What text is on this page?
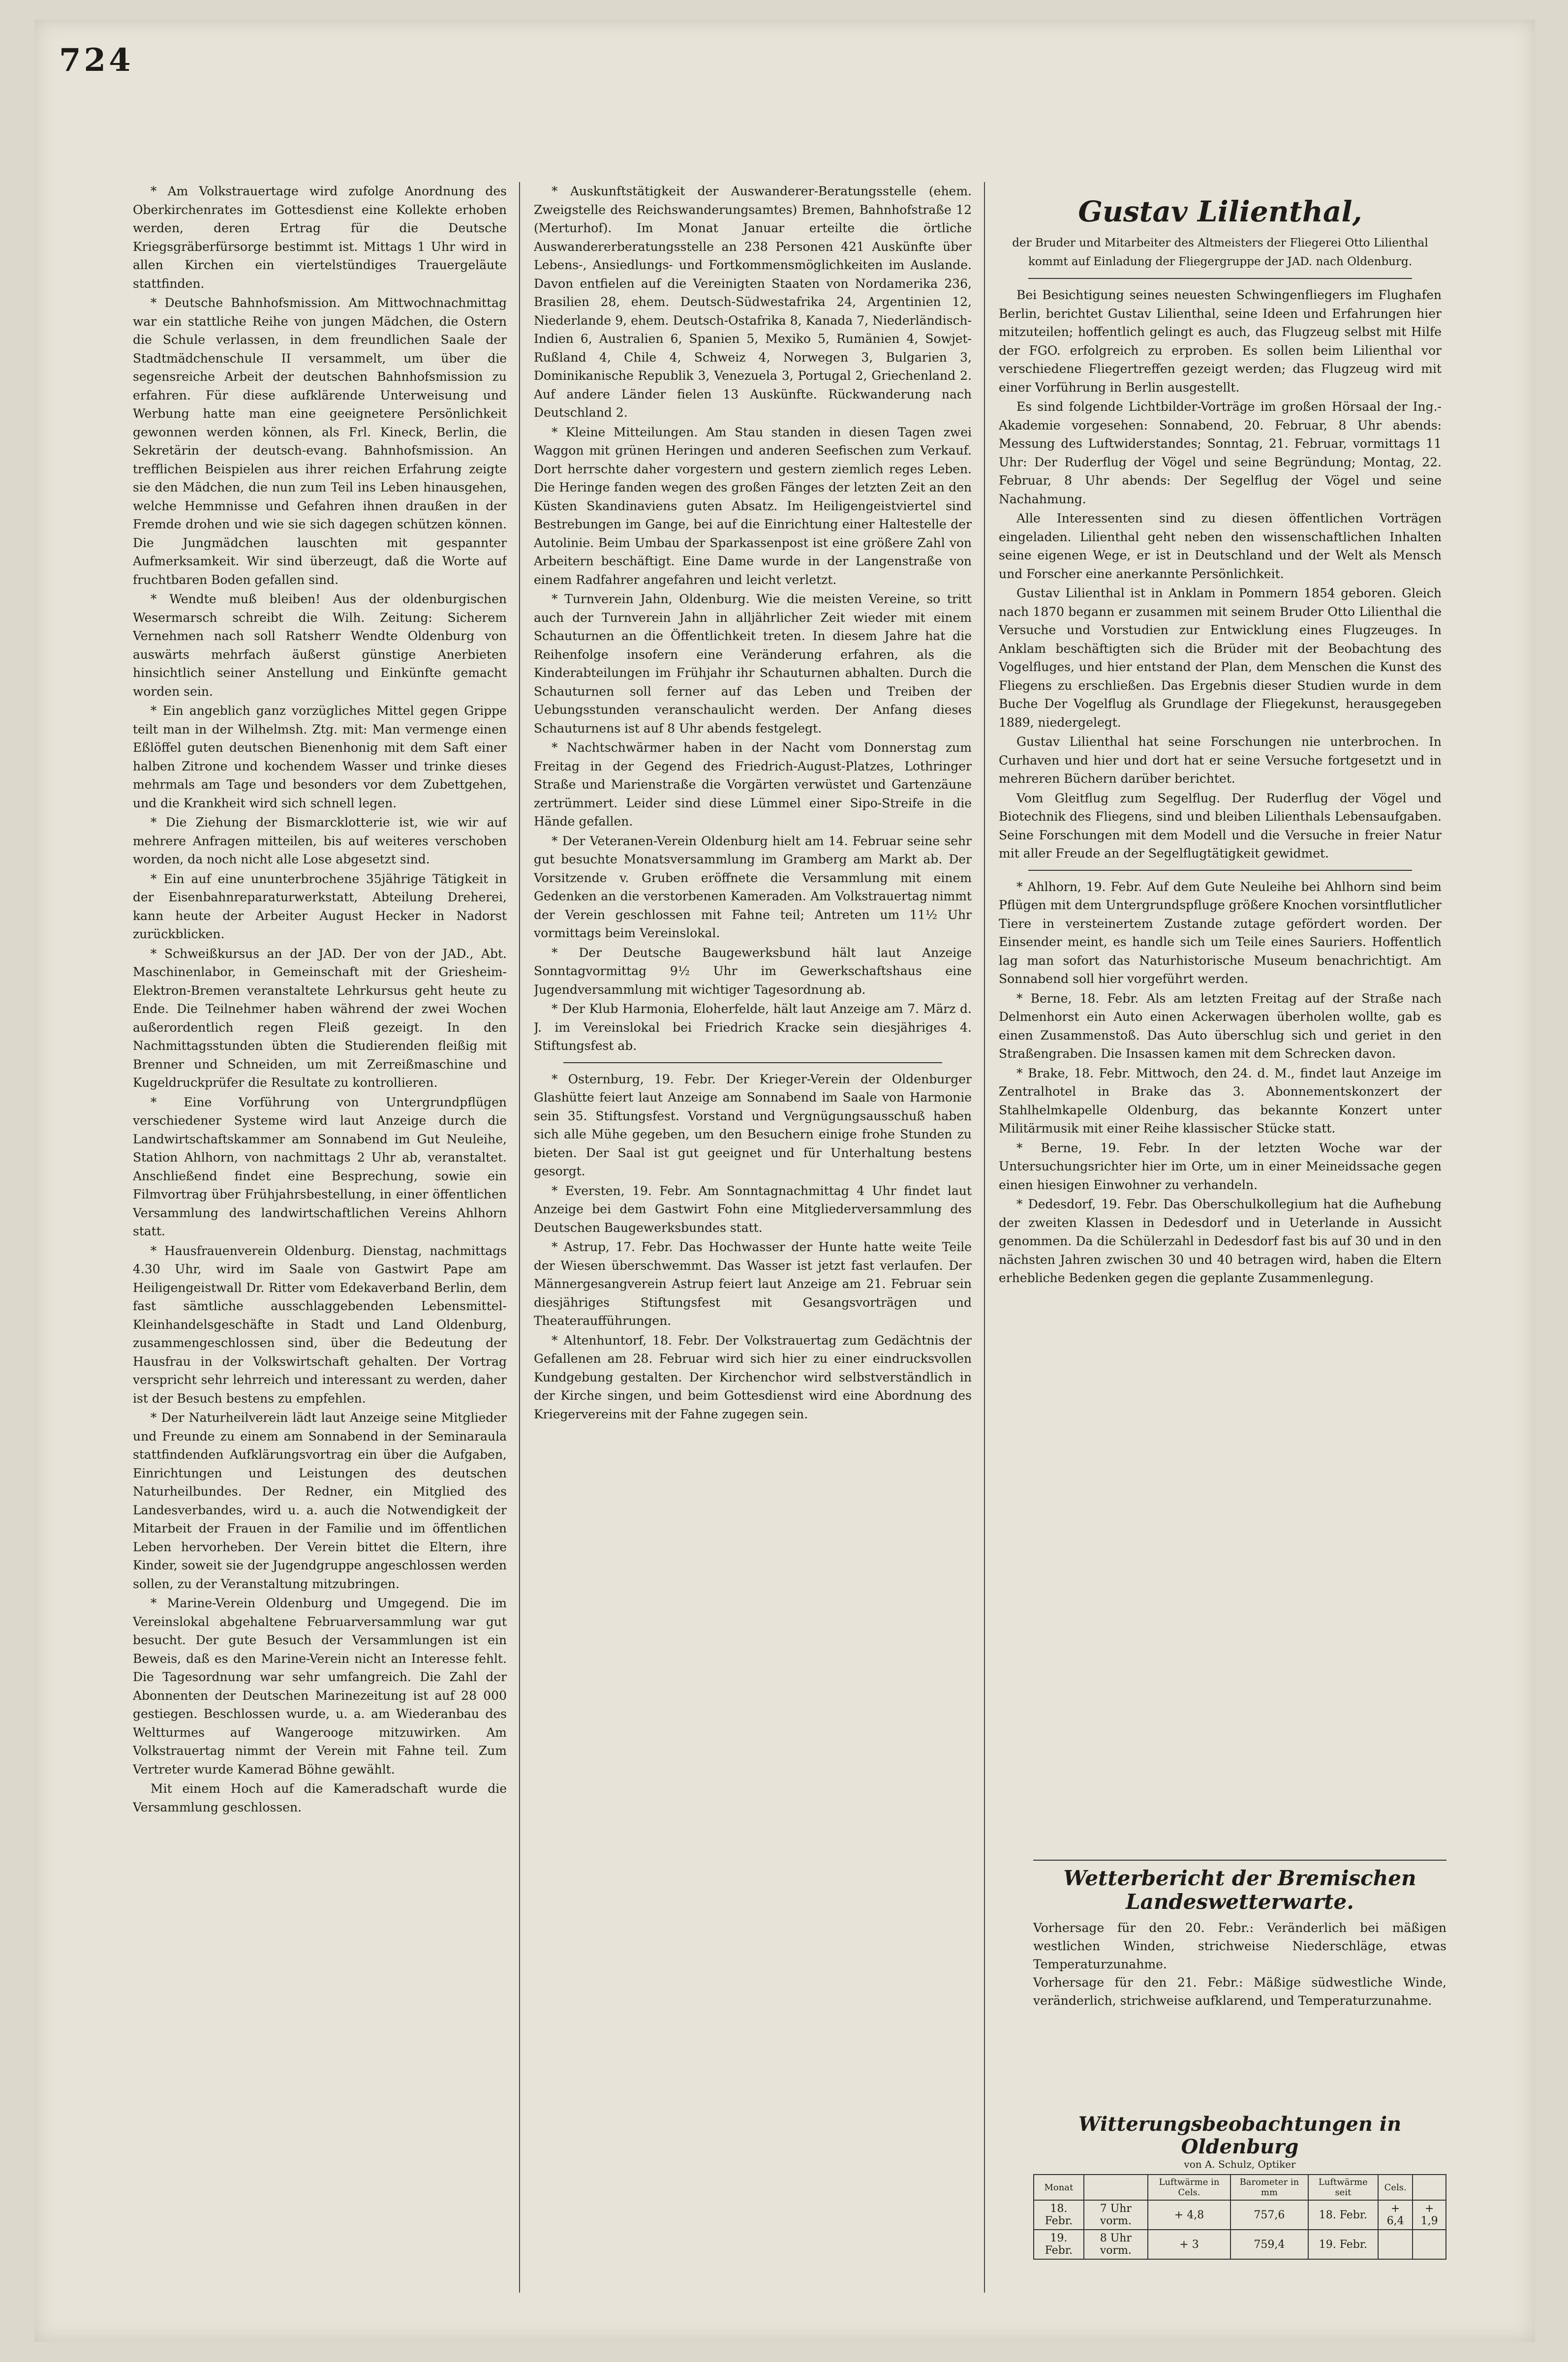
724

* Am Volkstrauertage wird zufolge Anordnung des Oberkirchenrates im Gottesdienst eine Kollekte erhoben werden, deren Ertrag für die Deutsche Kriegsgräberfürsorge bestimmt ist. Mittags 1 Uhr wird in allen Kirchen ein viertelstündiges Trauergeläute stattfinden.

* Deutsche Bahnhofsmission. Am Mittwochnachmittag war ein stattliche Reihe von jungen Mädchen, die Ostern die Schule verlassen, in dem freundlichen Saale der Stadtmädchenschule II versammelt, um über die segensreiche Arbeit der deutschen Bahnhofsmission zu erfahren. Für diese aufklärende Unterweisung und Werbung hatte man eine geeignetere Persönlichkeit gewonnen werden können, als Frl. Kineck, Berlin, die Sekretärin der deutsch-evang. Bahnhofsmission. An trefflichen Beispielen aus ihrer reichen Erfahrung zeigte sie den Mädchen, die nun zum Teil ins Leben hinausgehen, welche Hemmnisse und Gefahren ihnen draußen in der Fremde drohen und wie sie sich dagegen schützen können. Die Jungmädchen lauschten mit gespannter Aufmerksamkeit. Wir sind überzeugt, daß die Worte auf fruchtbaren Boden gefallen sind.

* Wendte muß bleiben! Aus der oldenburgischen Wesermarsch schreibt die Wilh. Zeitung: Sicherem Vernehmen nach soll Ratsherr Wendte Oldenburg von auswärts mehrfach äußerst günstige Anerbieten hinsichtlich seiner Anstellung und Einkünfte gemacht worden sein.

* Ein angeblich ganz vorzügliches Mittel gegen Grippe teilt man in der Wilhelmsh. Ztg. mit: Man vermenge einen Eßlöffel guten deutschen Bienenhonig mit dem Saft einer halben Zitrone und kochendem Wasser und trinke dieses mehrmals am Tage und besonders vor dem Zubettgehen, und die Krankheit wird sich schnell legen.

* Die Ziehung der Bismarcklotterie ist, wie wir auf mehrere Anfragen mitteilen, bis auf weiteres verschoben worden, da noch nicht alle Lose abgesetzt sind.

* Ein auf eine ununterbrochene 35jährige Tätigkeit in der Eisenbahnreparaturwerkstatt, Abteilung Dreherei, kann heute der Arbeiter August Hecker in Nadorst zurückblicken.

* Schweißkursus an der JAD. Der von der JAD., Abt. Maschinenlabor, in Gemeinschaft mit der Griesheim-Elektron-Bremen veranstaltete Lehrkursus geht heute zu Ende. Die Teilnehmer haben während der zwei Wochen außerordentlich regen Fleiß gezeigt. In den Nachmittagsstunden übten die Studierenden fleißig mit Brenner und Schneiden, um mit Zerreißmaschine und Kugeldruckprüfer die Resultate zu kontrollieren.

* Eine Vorführung von Untergrundpflügen verschiedener Systeme wird laut Anzeige durch die Landwirtschaftskammer am Sonnabend im Gut Neuleihe, Station Ahlhorn, von nachmittags 2 Uhr ab, veranstaltet. Anschließend findet eine Besprechung, sowie ein Filmvortrag über Frühjahrsbestellung, in einer öffentlichen Versammlung des landwirtschaftlichen Vereins Ahlhorn statt.

* Hausfrauenverein Oldenburg. Dienstag, nachmittags 4.30 Uhr, wird im Saale von Gastwirt Pape am Heiligengeistwall Dr. Ritter vom Edekaverband Berlin, dem fast sämtliche ausschlaggebenden Lebensmittel-Kleinhandelsgeschäfte in Stadt und Land Oldenburg, zusammengeschlossen sind, über die Bedeutung der Hausfrau in der Volkswirtschaft gehalten. Der Vortrag verspricht sehr lehrreich und interessant zu werden, daher ist der Besuch bestens zu empfehlen.

* Der Naturheilverein lädt laut Anzeige seine Mitglieder und Freunde zu einem am Sonnabend in der Seminaraula stattfindenden Aufklärungsvortrag ein über die Aufgaben, Einrichtungen und Leistungen des deutschen Naturheilbundes. Der Redner, ein Mitglied des Landesverbandes, wird u. a. auch die Notwendigkeit der Mitarbeit der Frauen in der Familie und im öffentlichen Leben hervorheben. Der Verein bittet die Eltern, ihre Kinder, soweit sie der Jugendgruppe angeschlossen werden sollen, zu der Veranstaltung mitzubringen.

* Marine-Verein Oldenburg und Umgegend. Die im Vereinslokal abgehaltene Februarversammlung war gut besucht. Der gute Besuch der Versammlungen ist ein Beweis, daß es den Marine-Verein nicht an Interesse fehlt. Die Tagesordnung war sehr umfangreich. Die Zahl der Abonnenten der Deutschen Marinezeitung ist auf 28 000 gestiegen. Beschlossen wurde, u. a. am Wiederanbau des Weltturmes auf Wangerooge mitzuwirken. Am Volkstrauertag nimmt der Verein mit Fahne teil. Zum Vertreter wurde Kamerad Böhne gewählt.

Mit einem Hoch auf die Kameradschaft wurde die Versammlung geschlossen.

* Auskunftstätigkeit der Auswanderer-Beratungsstelle (ehem. Zweigstelle des Reichswanderungsamtes) Bremen, Bahnhofstraße 12 (Merturhof). Im Monat Januar erteilte die örtliche Auswandererberatungsstelle an 238 Personen 421 Auskünfte über Lebens-, Ansiedlungs- und Fortkommensmöglichkeiten im Auslande. Davon entfielen auf die Vereinigten Staaten von Nordamerika 236, Brasilien 28, ehem. Deutsch-Südwestafrika 24, Argentinien 12, Niederlande 9, ehem. Deutsch-Ostafrika 8, Kanada 7, Niederländisch-Indien 6, Australien 6, Spanien 5, Mexiko 5, Rumänien 4, Sowjet-Rußland 4, Chile 4, Schweiz 4, Norwegen 3, Bulgarien 3, Dominikanische Republik 3, Venezuela 3, Portugal 2, Griechenland 2. Auf andere Länder fielen 13 Auskünfte. Rückwanderung nach Deutschland 2.

* Kleine Mitteilungen. Am Stau standen in diesen Tagen zwei Waggon mit grünen Heringen und anderen Seefischen zum Verkauf. Dort herrschte daher vorgestern und gestern ziemlich reges Leben. Die Heringe fanden wegen des großen Fänges der letzten Zeit an den Küsten Skandinaviens guten Absatz. Im Heiligengeistviertel sind Bestrebungen im Gange, bei auf die Einrichtung einer Haltestelle der Autolinie. Beim Umbau der Sparkassenpost ist eine größere Zahl von Arbeitern beschäftigt. Eine Dame wurde in der Langenstraße von einem Radfahrer angefahren und leicht verletzt.

* Turnverein Jahn, Oldenburg. Wie die meisten Vereine, so tritt auch der Turnverein Jahn in alljährlicher Zeit wieder mit einem Schauturnen an die Öffentlichkeit treten. In diesem Jahre hat die Reihenfolge insofern eine Veränderung erfahren, als die Kinderabteilungen im Frühjahr ihr Schauturnen abhalten. Durch die Schauturnen soll ferner auf das Leben und Treiben der Uebungsstunden veranschaulicht werden. Der Anfang dieses Schauturnens ist auf 8 Uhr abends festgelegt.

* Nachtschwärmer haben in der Nacht vom Donnerstag zum Freitag in der Gegend des Friedrich-August-Platzes, Lothringer Straße und Marienstraße die Vorgärten verwüstet und Gartenzäune zertrümmert. Leider sind diese Lümmel einer Sipo-Streife in die Hände gefallen.

* Der Veteranen-Verein Oldenburg hielt am 14. Februar seine sehr gut besuchte Monatsversammlung im Gramberg am Markt ab. Der Vorsitzende v. Gruben eröffnete die Versammlung mit einem Gedenken an die verstorbenen Kameraden. Am Volkstrauertag nimmt der Verein geschlossen mit Fahne teil; Antreten um 11½ Uhr vormittags beim Vereinslokal.

* Der Deutsche Baugewerksbund hält laut Anzeige Sonntagvormittag 9½ Uhr im Gewerkschaftshaus eine Jugendversammlung mit wichtiger Tagesordnung ab.

* Der Klub Harmonia, Eloherfelde, hält laut Anzeige am 7. März d. J. im Vereinslokal bei Friedrich Kracke sein diesjähriges 4. Stiftungsfest ab.

* Osternburg, 19. Febr. Der Krieger-Verein der Oldenburger Glashütte feiert laut Anzeige am Sonnabend im Saale von Harmonie sein 35. Stiftungsfest. Vorstand und Vergnügungsausschuß haben sich alle Mühe gegeben, um den Besuchern einige frohe Stunden zu bieten. Der Saal ist gut geeignet und für Unterhaltung bestens gesorgt.

* Eversten, 19. Febr. Am Sonntagnachmittag 4 Uhr findet laut Anzeige bei dem Gastwirt Fohn eine Mitgliederversammlung des Deutschen Baugewerksbundes statt.

* Astrup, 17. Febr. Das Hochwasser der Hunte hatte weite Teile der Wiesen überschwemmt. Das Wasser ist jetzt fast verlaufen. Der Männergesangverein Astrup feiert laut Anzeige am 21. Februar sein diesjähriges Stiftungsfest mit Gesangsvorträgen und Theateraufführungen.

* Altenhuntorf, 18. Febr. Der Volkstrauertag zum Gedächtnis der Gefallenen am 28. Februar wird sich hier zu einer eindrucksvollen Kundgebung gestalten. Der Kirchenchor wird selbstverständlich in der Kirche singen, und beim Gottesdienst wird eine Abordnung des Kriegervereins mit der Fahne zugegen sein.

Gustav Lilienthal,
der Bruder und Mitarbeiter des Altmeisters der Fliegerei Otto Lilienthal kommt auf Einladung der Fliegergruppe der JAD. nach Oldenburg.

Bei Besichtigung seines neuesten Schwingenfliegers im Flughafen Berlin, berichtet Gustav Lilienthal, seine Ideen und Erfahrungen hier mitzuteilen; hoffentlich gelingt es auch, das Flugzeug selbst mit Hilfe der FGO. erfolgreich zu erproben. Es sollen beim Lilienthal vor verschiedene Fliegertreffen gezeigt werden; das Flugzeug wird mit einer Vorführung in Berlin ausgestellt.

Es sind folgende Lichtbilder-Vorträge im großen Hörsaal der Ing.-Akademie vorgesehen: Sonnabend, 20. Februar, 8 Uhr abends: Messung des Luftwiderstandes; Sonntag, 21. Februar, vormittags 11 Uhr: Der Ruderflug der Vögel und seine Begründung; Montag, 22. Februar, 8 Uhr abends: Der Segelflug der Vögel und seine Nachahmung.

Alle Interessenten sind zu diesen öffentlichen Vorträgen eingeladen. Lilienthal geht neben den wissenschaftlichen Inhalten seine eigenen Wege, er ist in Deutschland und der Welt als Mensch und Forscher eine anerkannte Persönlichkeit.

Gustav Lilienthal ist in Anklam in Pommern 1854 geboren. Gleich nach 1870 begann er zusammen mit seinem Bruder Otto Lilienthal die Versuche und Vorstudien zur Entwicklung eines Flugzeuges. In Anklam beschäftigten sich die Brüder mit der Beobachtung des Vogelfluges, und hier entstand der Plan, dem Menschen die Kunst des Fliegens zu erschließen. Das Ergebnis dieser Studien wurde in dem Buche Der Vogelflug als Grundlage der Fliegekunst, herausgegeben 1889, niedergelegt.

Gustav Lilienthal hat seine Forschungen nie unterbrochen. In Curhaven und hier und dort hat er seine Versuche fortgesetzt und in mehreren Büchern darüber berichtet.

Vom Gleitflug zum Segelflug. Der Ruderflug der Vögel und Biotechnik des Fliegens, sind und bleiben Lilienthals Lebensaufgaben. Seine Forschungen mit dem Modell und die Versuche in freier Natur mit aller Freude an der Segelflugtätigkeit gewidmet.

* Ahlhorn, 19. Febr. Auf dem Gute Neuleihe bei Ahlhorn sind beim Pflügen mit dem Untergrundspfluge größere Knochen vorsintflutlicher Tiere in versteinertem Zustande zutage gefördert worden. Der Einsender meint, es handle sich um Teile eines Sauriers. Hoffentlich lag man sofort das Naturhistorische Museum benachrichtigt. Am Sonnabend soll hier vorgeführt werden.

* Berne, 18. Febr. Als am letzten Freitag auf der Straße nach Delmenhorst ein Auto einen Ackerwagen überholen wollte, gab es einen Zusammenstoß. Das Auto überschlug sich und geriet in den Straßengraben. Die Insassen kamen mit dem Schrecken davon.

* Brake, 18. Febr. Mittwoch, den 24. d. M., findet laut Anzeige im Zentralhotel in Brake das 3. Abonnementskonzert der Stahlhelmkapelle Oldenburg, das bekannte Konzert unter Militärmusik mit einer Reihe klassischer Stücke statt.

* Berne, 19. Febr. In der letzten Woche war der Untersuchungsrichter hier im Orte, um in einer Meineidssache gegen einen hiesigen Einwohner zu verhandeln.

* Dedesdorf, 19. Febr. Das Oberschulkollegium hat die Aufhebung der zweiten Klassen in Dedesdorf und in Ueterlande in Aussicht genommen. Da die Schülerzahl in Dedesdorf fast bis auf 30 und in den nächsten Jahren zwischen 30 und 40 betragen wird, haben die Eltern erhebliche Bedenken gegen die geplante Zusammenlegung.

Wetterbericht der Bremischen Landeswetterwarte.

Vorhersage für den 20. Febr.: Veränderlich bei mäßigen westlichen Winden, strichweise Niederschläge, etwas Temperaturzunahme.

Vorhersage für den 21. Febr.: Mäßige südwestliche Winde, veränderlich, strichweise aufklarend, und Temperaturzunahme.

Witterungsbeobachtungen in Oldenburg
von A. Schulz, Optiker
Monat		Luftwärme in Cels.	Barometer in mm	Luftwärme seit	Cels.	
18. Febr.	7 Uhr vorm.	+ 4,8	757,6	18. Febr.	+ 6,4	+ 1,9
19. Febr.	8 Uhr vorm.	+ 3	759,4	19. Febr.		
